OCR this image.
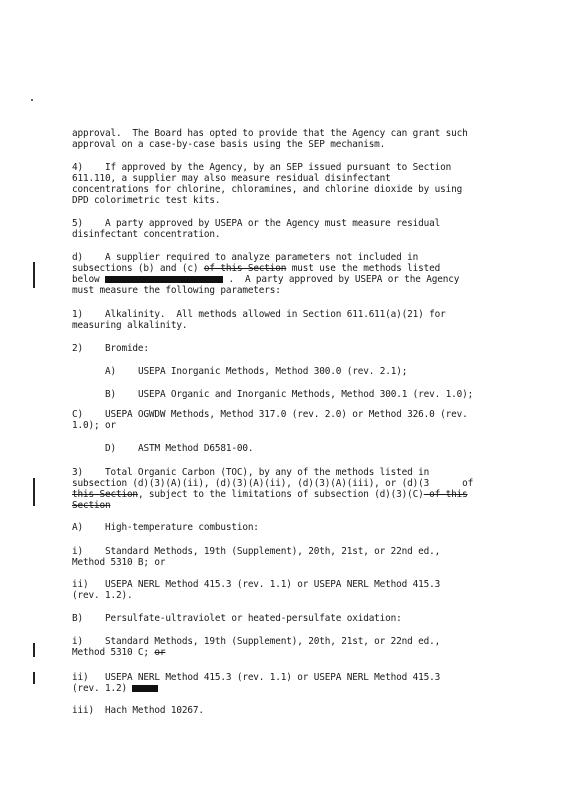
approval.  The Board has opted to provide that the Agency can grant such
approval on a case-by-case basis using the SEP mechanism.
4)    If approved by the Agency, by an SEP issued pursuant to Section
611.110, a supplier may also measure residual disinfectant
concentrations for chlorine, chloramines, and chlorine dioxide by using
DPD colorimetric test kits.
5)    A party approved by USEPA or the Agency must measure residual
disinfectant concentration.
d)    A supplier required to analyze parameters not included in
subsections (b) and (c) of this Section must use the methods listed
below	.  A party approved by USEPA or the Agency
must measure the following parameters:
1)    Alkalinity.  All methods allowed in Section 611.611(a)(21) for
measuring alkalinity.
2)    Bromide:
A)    USEPA Inorganic Methods, Method 300.0 (rev. 2.1);
B)    USEPA Organic and Inorganic Methods, Method 300.1 (rev. 1.0);
C)    USEPA OGWDW Methods, Method 317.0 (rev. 2.0) or Method 326.0 (rev.
1.0); or
D)    ASTM Method D6581-00.
3)    Total Organic Carbon (TOC), by any of the methods listed in
subsection (d)(3)(A)(ii), (d)(3)(A)(ii), (d)(3)(A)(iii), or (d)(3      of
this Section, subject to the limitations of subsection (d)(3)(C) of this
Section
A)    High-temperature combustion:
i)    Standard Methods, 19th (Supplement), 20th, 21st, or 22nd ed.,
Method 5310 B; or
ii)   USEPA NERL Method 415.3 (rev. 1.1) or USEPA NERL Method 415.3
(rev. 1.2).
B)    Persulfate-ultraviolet or heated-persulfate oxidation:
i)    Standard Methods, 19th (Supplement), 20th, 21st, or 22nd ed.,
Method 5310 C; or
ii)   USEPA NERL Method 415.3 (rev. 1.1) or USEPA NERL Method 415.3
(rev. 1.2)
iii)  Hach Method 10267.
